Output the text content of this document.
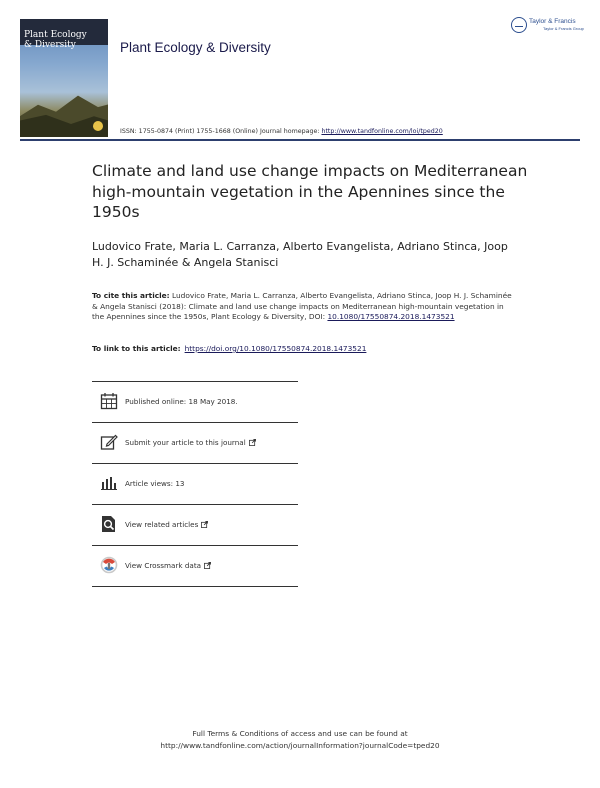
Plant Ecology
& Diversity	Plant Ecology & Diversity
Taylor & Francis
Taylor & Francis Group
ISSN: 1755-0874 (Print) 1755-1668 (Online) Journal homepage: http://www.tandfonline.com/loi/tped20
Climate and land use change impacts on Mediterranean high-mountain vegetation in the Apennines since the 1950s
Ludovico Frate, Maria L. Carranza, Alberto Evangelista, Adriano Stinca, Joop H. J. Schaminée & Angela Stanisci
To cite this article: Ludovico Frate, Maria L. Carranza, Alberto Evangelista, Adriano Stinca, Joop H. J. Schaminée & Angela Stanisci (2018): Climate and land use change impacts on Mediterranean high-mountain vegetation in the Apennines since the 1950s, Plant Ecology & Diversity, DOI: 10.1080/17550874.2018.1473521
To link to this article: https://doi.org/10.1080/17550874.2018.1473521
Published online: 18 May 2018.
Submit your article to this journal
Article views: 13
View related articles
View Crossmark data
Full Terms & Conditions of access and use can be found at
http://www.tandfonline.com/action/journalInformation?journalCode=tped20
